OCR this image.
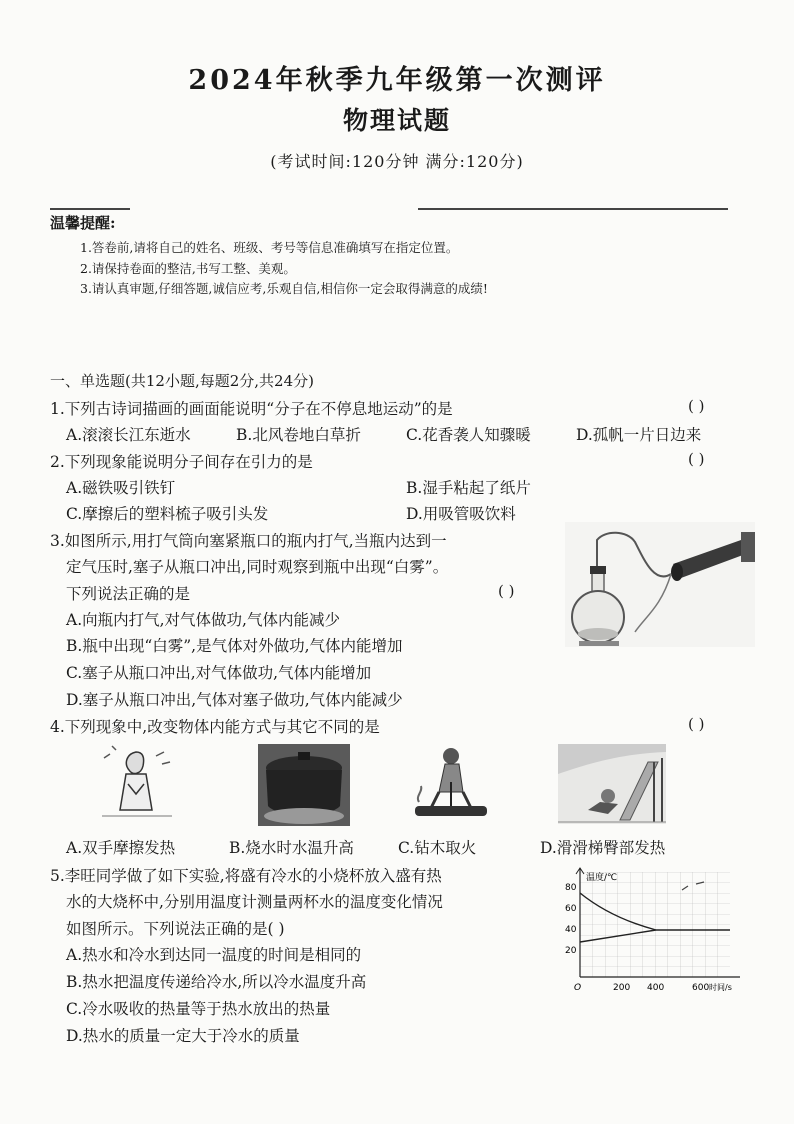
2024年秋季九年级第一次测评
物理试题
(考试时间:120分钟 满分:120分)
温馨提醒:
1.答卷前,请将自己的姓名、班级、考号等信息准确填写在指定位置。
2.请保持卷面的整洁,书写工整、美观。
3.请认真审题,仔细答题,诚信应考,乐观自信,相信你一定会取得满意的成绩!
一、单选题(共12小题,每题2分,共24分)
1.下列古诗词描画的画面能说明“分子在不停息地运动”的是	( )
A.滚滚长江东逝水	B.北风卷地白草折	C.花香袭人知骤暖	D.孤帆一片日边来
2.下列现象能说明分子间存在引力的是	( )
A.磁铁吸引铁钉	B.湿手粘起了纸片
C.摩擦后的塑料梳子吸引头发	D.用吸管吸饮料
3.如图所示,用打气筒向塞紧瓶口的瓶内打气,当瓶内达到一
定气压时,塞子从瓶口冲出,同时观察到瓶中出现“白雾”。
下列说法正确的是	( )
A.向瓶内打气,对气体做功,气体内能减少
B.瓶中出现“白雾”,是气体对外做功,气体内能增加
C.塞子从瓶口冲出,对气体做功,气体内能增加
D.塞子从瓶口冲出,气体对塞子做功,气体内能减少
4.下列现象中,改变物体内能方式与其它不同的是	( )
A.双手摩擦发热	B.烧水时水温升高	C.钻木取火	D.滑滑梯臀部发热
5.李旺同学做了如下实验,将盛有冷水的小烧杯放入盛有热
水的大烧杯中,分别用温度计测量两杯水的温度变化情况
如图所示。下列说法正确的是( )
A.热水和冷水到达同一温度的时间是相同的
B.热水把温度传递给冷水,所以冷水温度升高
C.冷水吸收的热量等于热水放出的热量
D.热水的质量一定大于冷水的质量
温度/℃
80
60
40
20
O	200 400	600 时间/s
